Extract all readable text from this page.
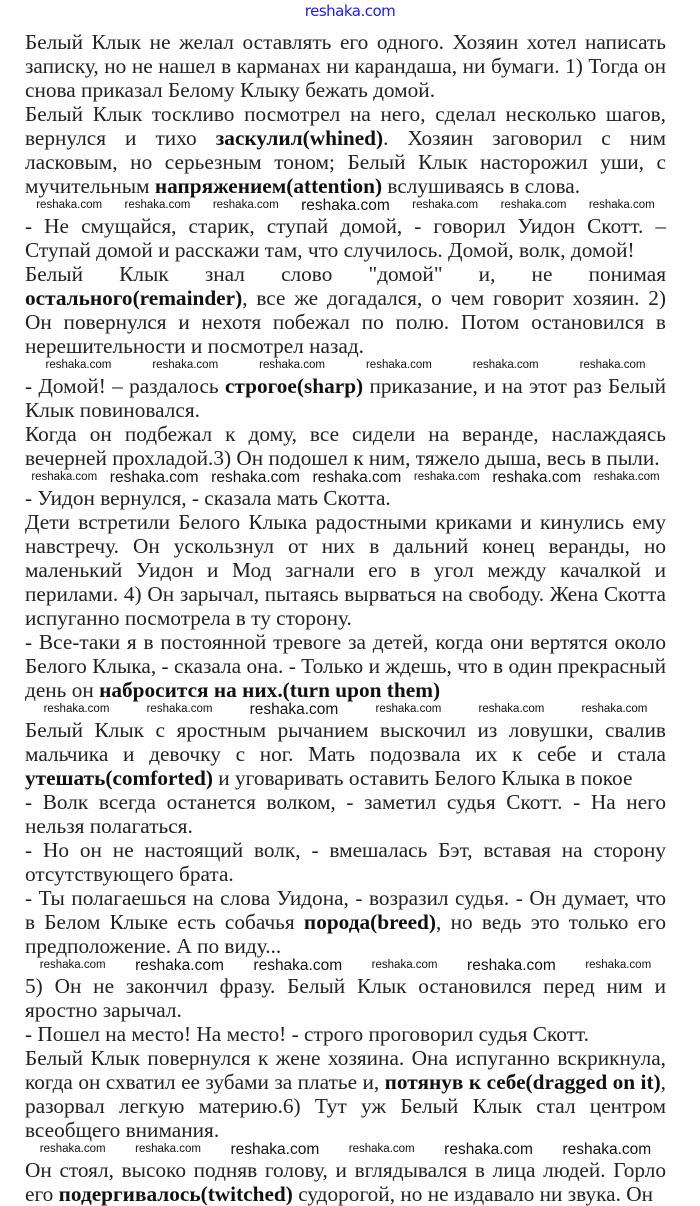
reshaka.com

Белый Клык не желал оставлять его одного. Хозяин хотел написать записку, но не нашел в карманах ни карандаша, ни бумаги. 1) Тогда он снова приказал Белому Клыку бежать домой.

Белый Клык тоскливо посмотрел на него, сделал несколько шагов, вернулся и тихо заскулил(whined). Хозяин заговорил с ним ласковым, но серьезным тоном; Белый Клык насторожил уши, с мучительным напряжением(attention) вслушиваясь в слова.

reshaka.com reshaka.com reshaka.com reshaka.com reshaka.com reshaka.com reshaka.com

- Не смущайся, старик, ступай домой, - говорил Уидон Скотт. – Ступай домой и расскажи там, что случилось. Домой, волк, домой!

Белый Клык знал слово "домой" и, не понимая остального(remainder), все же догадался, о чем говорит хозяин. 2) Он повернулся и нехотя побежал по полю. Потом остановился в нерешительности и посмотрел назад.

reshaka.com	reshaka.com	reshaka.com	reshaka.com	reshaka.com	reshaka.com

- Домой! – раздалось строгое(sharp) приказание, и на этот раз Белый Клык повиновался.

Когда он подбежал к дому, все сидели на веранде, наслаждаясь вечерней прохладой.3) Он подошел к ним, тяжело дыша, весь в пыли.

reshaka.com reshaka.com reshaka.com reshaka.com reshaka.com reshaka.com reshaka.com

- Уидон вернулся, - сказала мать Скотта.

Дети встретили Белого Клыка радостными криками и кинулись ему навстречу. Он ускользнул от них в дальний конец веранды, но маленький Уидон и Мод загнали его в угол между качалкой и перилами. 4) Он зарычал, пытаясь вырваться на свободу. Жена Скотта испуганно посмотрела в ту сторону.

- Все-таки я в постоянной тревоге за детей, когда они вертятся около Белого Клыка, - сказала она. - Только и ждешь, что в один прекрасный день он набросится на них.(turn upon them)

reshaka.com	reshaka.com reshaka.com	reshaka.com	reshaka.com	reshaka.com

Белый Клык с яростным рычанием выскочил из ловушки, свалив мальчика и девочку с ног. Мать подозвала их к себе и стала утешать(comforted) и уговаривать оставить Белого Клыка в покое

- Волк всегда останется волком, - заметил судья Скотт. - На него нельзя полагаться.

- Но он не настоящий волк, - вмешалась Бэт, вставая на сторону отсутствующего брата.

- Ты полагаешься на слова Уидона, - возразил судья. - Он думает, что в Белом Клыке есть собачья порода(breed), но ведь это только его предположение. А по виду...

reshaka.com reshaka.com reshaka.com	reshaka.com reshaka.com	reshaka.com

5) Он не закончил фразу. Белый Клык остановился перед ним и яростно зарычал.

- Пошел на место! На место! - строго проговорил судья Скотт.

Белый Клык повернулся к жене хозяина. Она испуганно вскрикнула, когда он схватил ее зубами за платье и, потянув к себе(dragged on it), разорвал легкую материю.6) Тут уж Белый Клык стал центром всеобщего внимания.

reshaka.com	reshaka.com reshaka.com	reshaka.com reshaka.com reshaka.com

Он стоял, высоко подняв голову, и вглядывался в лица людей. Горло его подергивалось(twitched) судорогой, но не издавало ни звука. Он
